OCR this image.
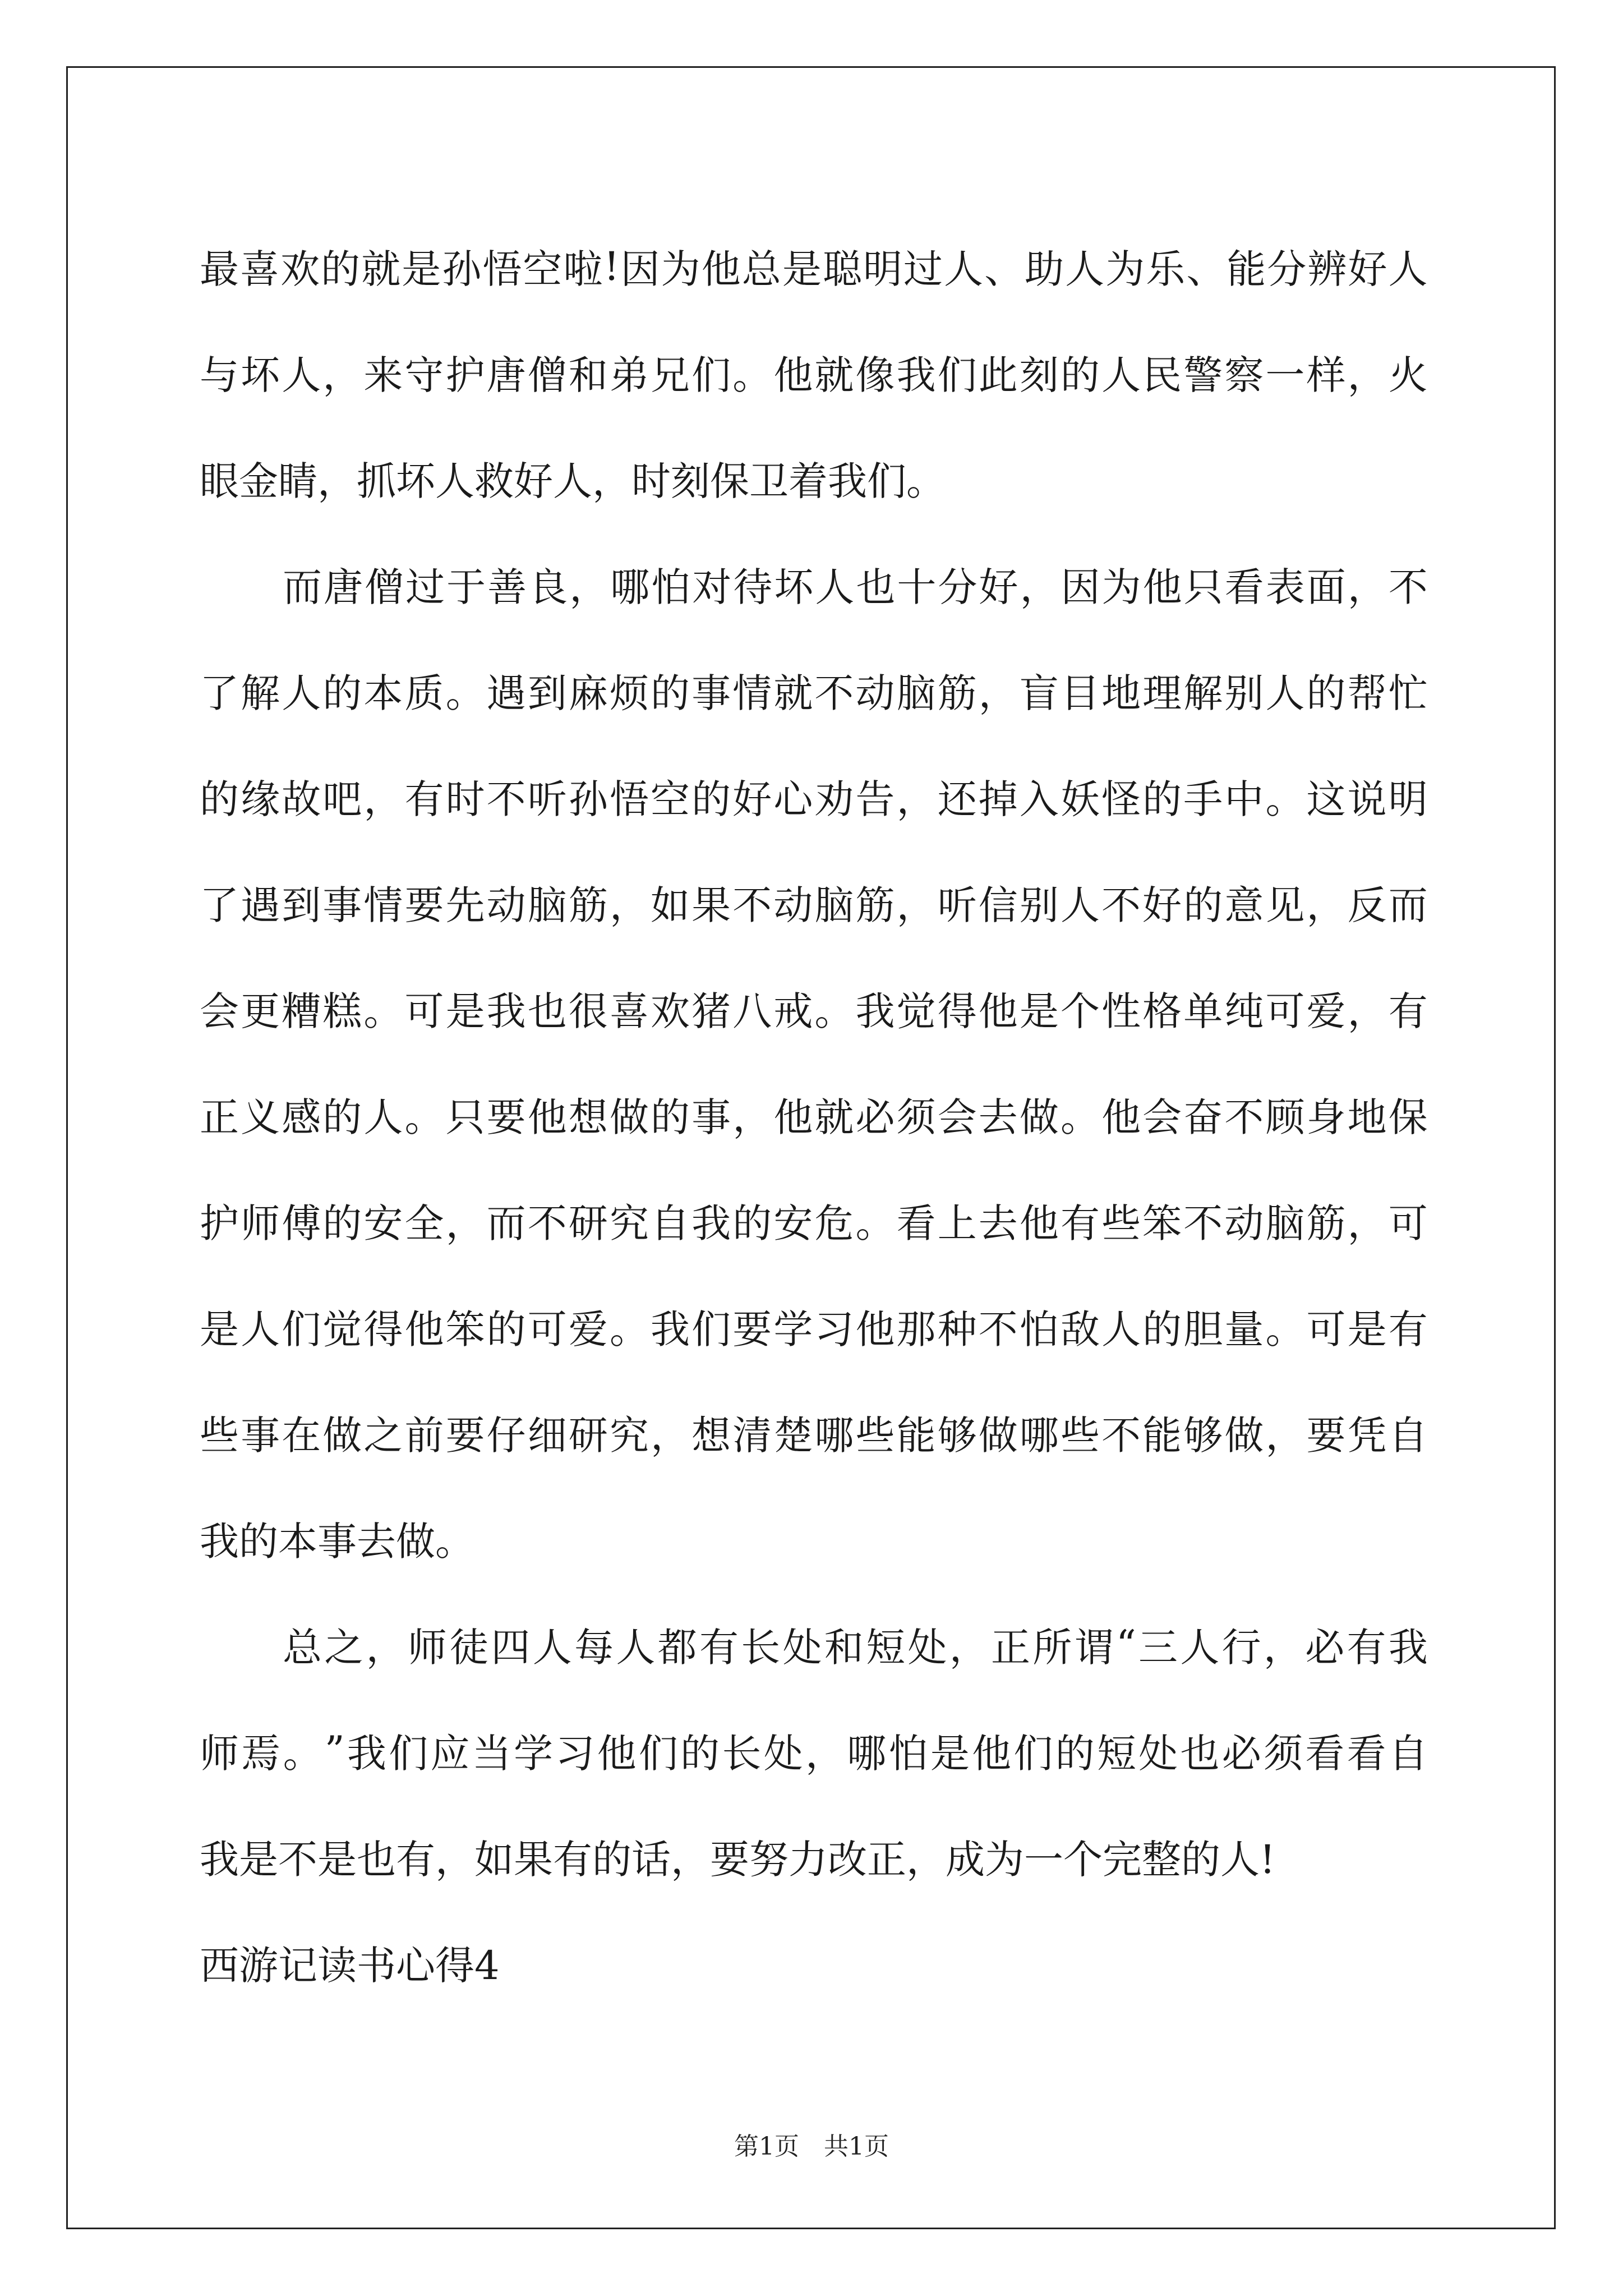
最 喜 欢 的 就 是 孙 悟 空 啦 ! 因 为 他 总 是 聪 明 过 人 、 助 人 为 乐 、 能 分 辨 好 人
与 坏 人 ， 来 守 护 唐 僧 和 弟 兄 们 。 他 就 像 我 们 此 刻 的 人 民 警 察 一 样 ， 火
眼金睛，抓坏人救好人，时刻保卫着我们。
而 唐 僧 过 于 善 良 ， 哪 怕 对 待 坏 人 也 十 分 好 ， 因 为 他 只 看 表 面 ， 不
了 解 人 的 本 质 。 遇 到 麻 烦 的 事 情 就 不 动 脑 筋 ， 盲 目 地 理 解 别 人 的 帮 忙
的 缘 故 吧 ， 有 时 不 听 孙 悟 空 的 好 心 劝 告 ， 还 掉 入 妖 怪 的 手 中 。 这 说 明
了 遇 到 事 情 要 先 动 脑 筋 ， 如 果 不 动 脑 筋 ， 听 信 别 人 不 好 的 意 见 ， 反 而
会 更 糟 糕 。 可 是 我 也 很 喜 欢 猪 八 戒 。 我 觉 得 他 是 个 性 格 单 纯 可 爱 ， 有
正 义 感 的 人 。 只 要 他 想 做 的 事 ， 他 就 必 须 会 去 做 。 他 会 奋 不 顾 身 地 保
护 师 傅 的 安 全 ， 而 不 研 究 自 我 的 安 危 。 看 上 去 他 有 些 笨 不 动 脑 筋 ， 可
是 人 们 觉 得 他 笨 的 可 爱 。 我 们 要 学 习 他 那 种 不 怕 敌 人 的 胆 量 。 可 是 有
些 事 在 做 之 前 要 仔 细 研 究 ， 想 清 楚 哪 些 能 够 做 哪 些 不 能 够 做 ， 要 凭 自
我的本事去做。
总 之 ， 师 徒 四 人 每 人 都 有 长 处 和 短 处 ， 正 所 谓 “ 三 人 行 ， 必 有 我
师 焉 。 ” 我 们 应 当 学 习 他 们 的 长 处 ， 哪 怕 是 他 们 的 短 处 也 必 须 看 看 自
我是不是也有，如果有的话，要努力改正，成为一个完整的人!
西游记读书心得4
第1页　共1页
